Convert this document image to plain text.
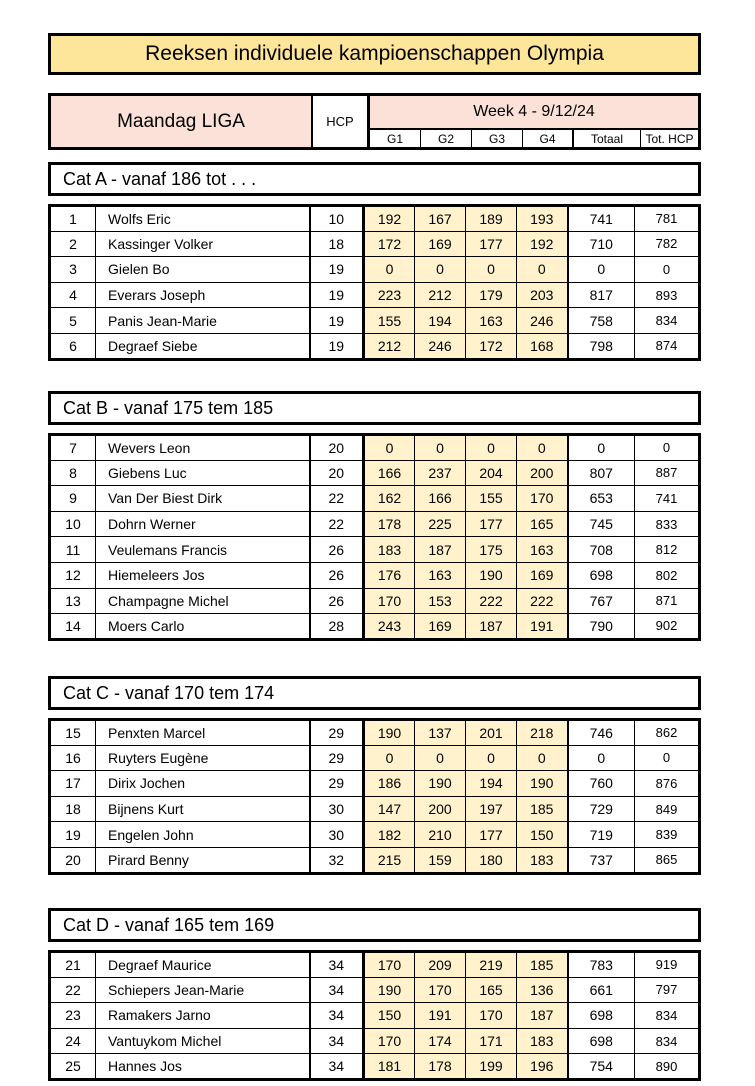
Reeksen individuele kampioenschappen Olympia
Maandag LIGA	HCP
Week 4 - 9/12/24
G1	G2	G3	G4	Totaal	Tot. HCP
Cat A - vanaf 186 tot . . .
1	Wolfs Eric	10	192	167	189	193	741	781
2	Kassinger Volker	18	172	169	177	192	710	782
3	Gielen Bo	19	0	0	0	0	0	0
4	Everars Joseph	19	223	212	179	203	817	893
5	Panis Jean-Marie	19	155	194	163	246	758	834
6	Degraef Siebe	19	212	246	172	168	798	874
Cat B - vanaf 175 tem 185
7	Wevers Leon	20	0	0	0	0	0	0
8	Giebens Luc	20	166	237	204	200	807	887
9	Van Der Biest Dirk	22	162	166	155	170	653	741
10	Dohrn Werner	22	178	225	177	165	745	833
11	Veulemans Francis	26	183	187	175	163	708	812
12	Hiemeleers Jos	26	176	163	190	169	698	802
13	Champagne Michel	26	170	153	222	222	767	871
14	Moers Carlo	28	243	169	187	191	790	902
Cat C - vanaf 170 tem 174
15	Penxten Marcel	29	190	137	201	218	746	862
16	Ruyters Eugène	29	0	0	0	0	0	0
17	Dirix Jochen	29	186	190	194	190	760	876
18	Bijnens Kurt	30	147	200	197	185	729	849
19	Engelen John	30	182	210	177	150	719	839
20	Pirard Benny	32	215	159	180	183	737	865
Cat D - vanaf 165 tem 169
21	Degraef Maurice	34	170	209	219	185	783	919
22	Schiepers Jean-Marie	34	190	170	165	136	661	797
23	Ramakers Jarno	34	150	191	170	187	698	834
24	Vantuykom Michel	34	170	174	171	183	698	834
25	Hannes Jos	34	181	178	199	196	754	890
